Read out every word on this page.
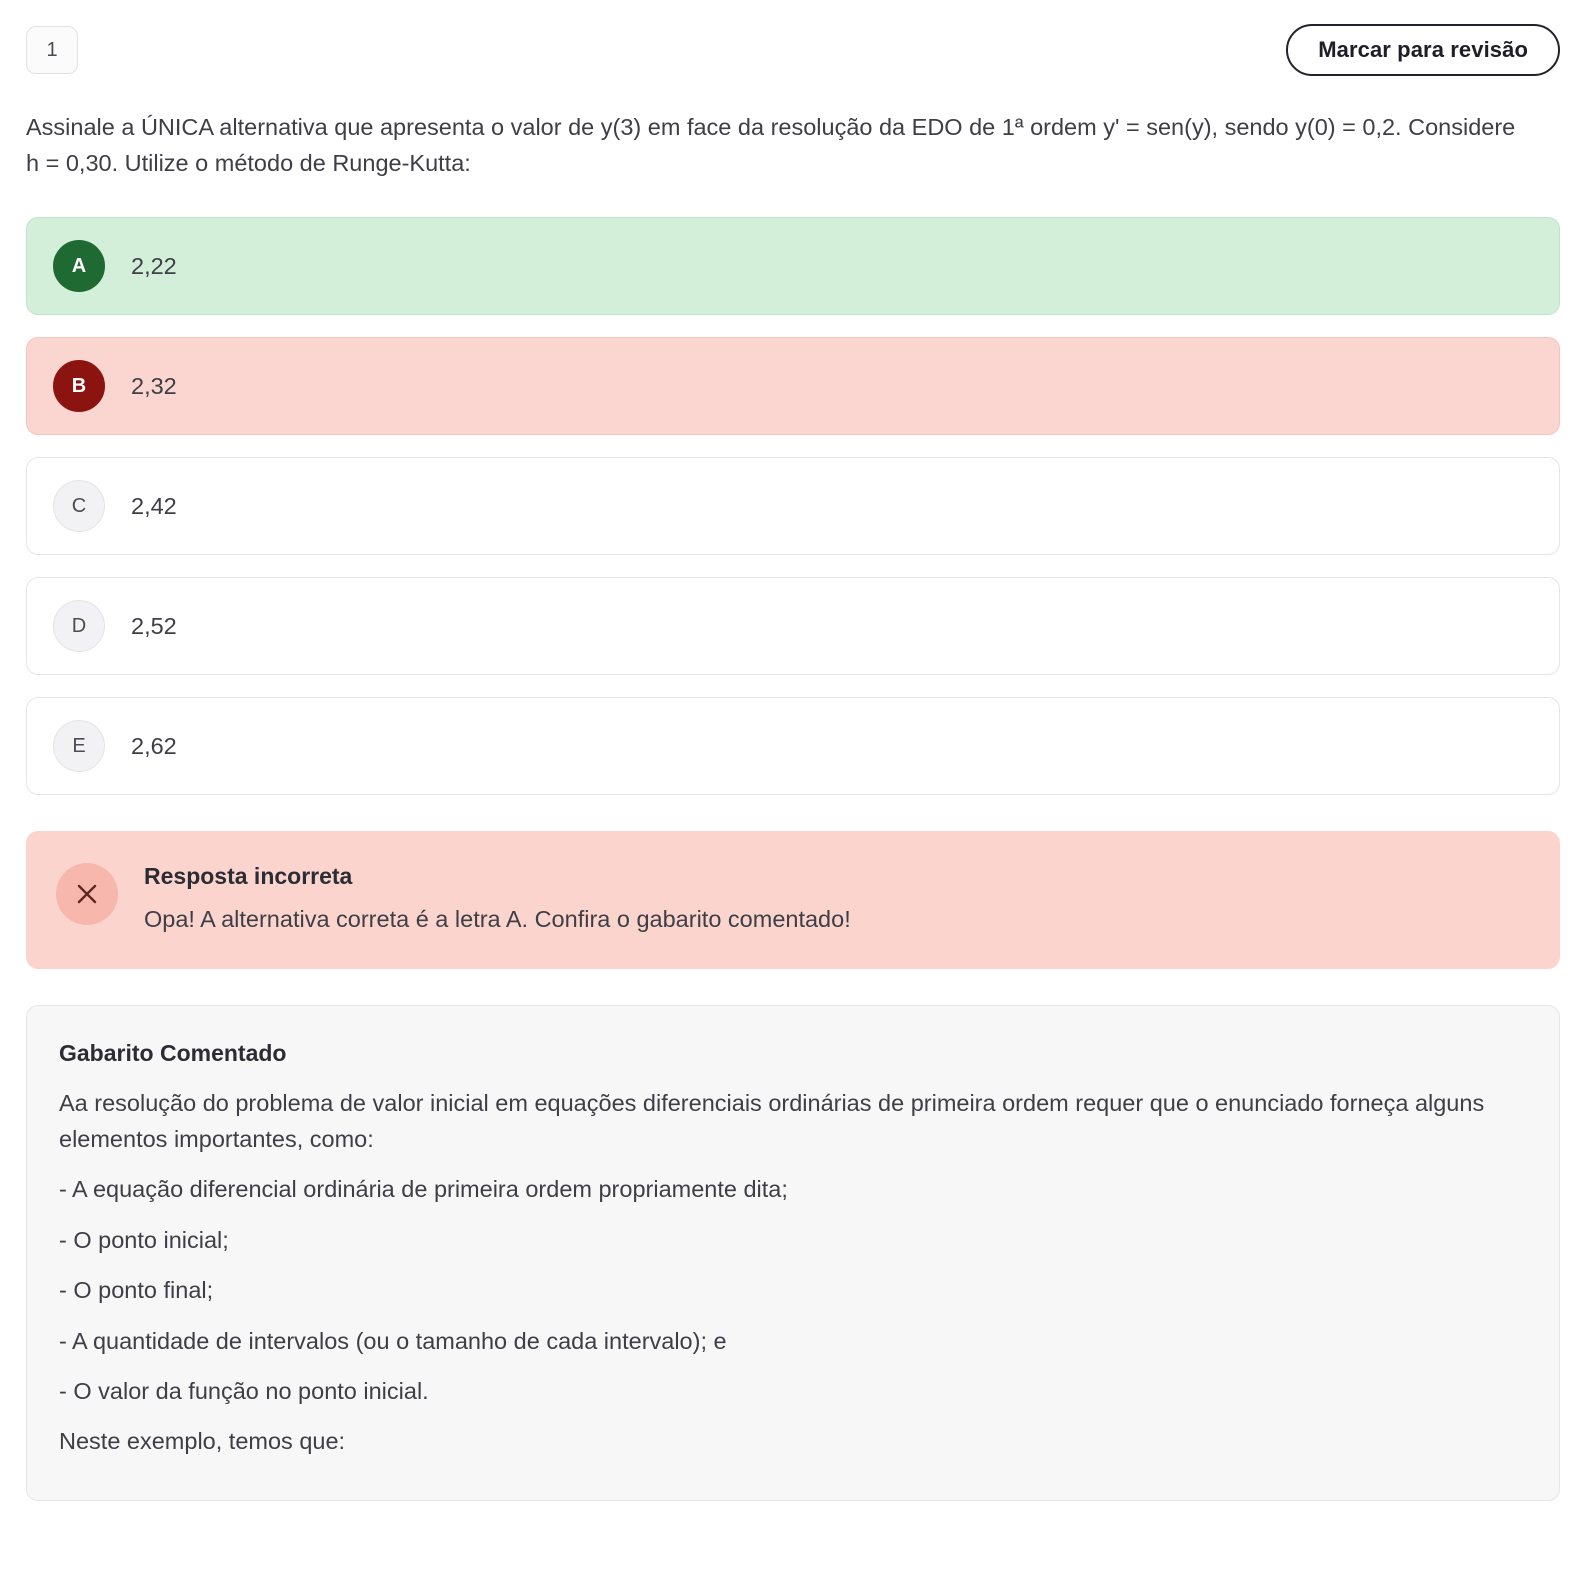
1	Marcar para revisão

Assinale a ÚNICA alternativa que apresenta o valor de y(3) em face da resolução da EDO de 1ª ordem y' = sen(y), sendo y(0) = 0,2. Considere h = 0,30. Utilize o método de Runge-Kutta:

A	2,22
B	2,32
C	2,42
D	2,52
E	2,62
Resposta incorreta
Opa! A alternativa correta é a letra A. Confira o gabarito comentado!
Gabarito Comentado

Aa resolução do problema de valor inicial em equações diferenciais ordinárias de primeira ordem requer que o enunciado forneça alguns elementos importantes, como:

- A equação diferencial ordinária de primeira ordem propriamente dita;

- O ponto inicial;

- O ponto final;

- A quantidade de intervalos (ou o tamanho de cada intervalo); e

- O valor da função no ponto inicial.

Neste exemplo, temos que:
